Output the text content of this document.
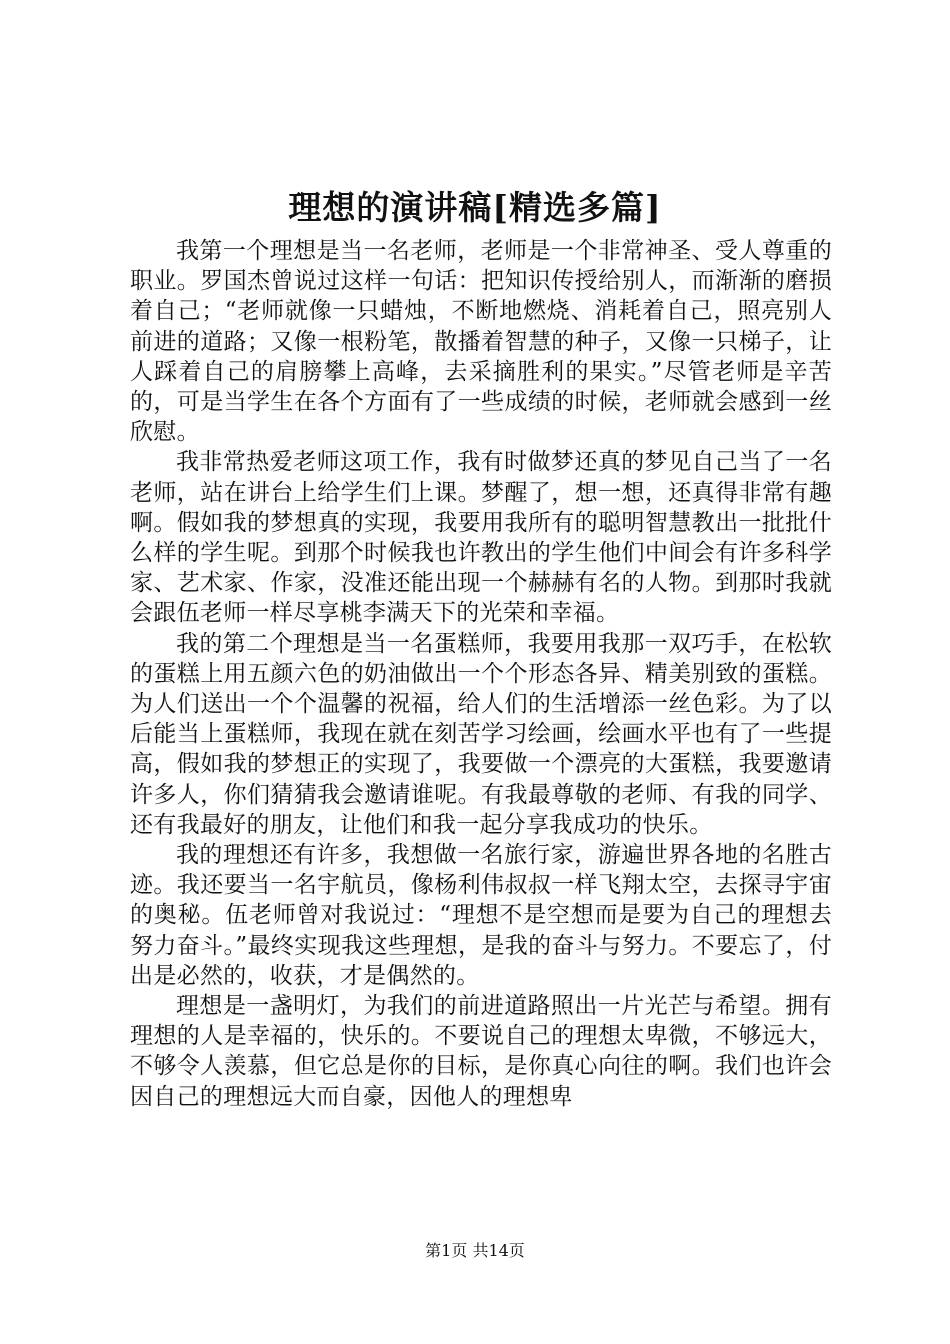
理想的演讲稿[精选多篇]

我第一个理想是当一名老师，老师是一个非常神圣、受人尊重的职业。罗国杰曾说过这样一句话：把知识传授给别人，而渐渐的磨损着自己；“老师就像一只蜡烛，不断地燃烧、消耗着自己，照亮别人前进的道路；又像一根粉笔，散播着智慧的种子，又像一只梯子，让人踩着自己的肩膀攀上高峰，去采摘胜利的果实。”尽管老师是辛苦的，可是当学生在各个方面有了一些成绩的时候，老师就会感到一丝欣慰。

我非常热爱老师这项工作，我有时做梦还真的梦见自己当了一名老师，站在讲台上给学生们上课。梦醒了，想一想，还真得非常有趣啊。假如我的梦想真的实现，我要用我所有的聪明智慧教出一批批什么样的学生呢。到那个时候我也许教出的学生他们中间会有许多科学家、艺术家、作家，没准还能出现一个赫赫有名的人物。到那时我就会跟伍老师一样尽享桃李满天下的光荣和幸福。

我的第二个理想是当一名蛋糕师，我要用我那一双巧手，在松软的蛋糕上用五颜六色的奶油做出一个个形态各异、精美别致的蛋糕。为人们送出一个个温馨的祝福，给人们的生活增添一丝色彩。为了以后能当上蛋糕师，我现在就在刻苦学习绘画，绘画水平也有了一些提高，假如我的梦想正的实现了，我要做一个漂亮的大蛋糕，我要邀请许多人，你们猜猜我会邀请谁呢。有我最尊敬的老师、有我的同学、还有我最好的朋友，让他们和我一起分享我成功的快乐。

我的理想还有许多，我想做一名旅行家，游遍世界各地的名胜古迹。我还要当一名宇航员，像杨利伟叔叔一样飞翔太空，去探寻宇宙的奥秘。伍老师曾对我说过：“理想不是空想而是要为自己的理想去努力奋斗。”最终实现我这些理想，是我的奋斗与努力。不要忘了，付出是必然的，收获，才是偶然的。

理想是一盏明灯，为我们的前进道路照出一片光芒与希望。拥有理想的人是幸福的，快乐的。不要说自己的理想太卑微，不够远大，不够令人羡慕，但它总是你的目标，是你真心向往的啊。我们也许会因自己的理想远大而自豪，因他人的理想卑

第1页 共14页
